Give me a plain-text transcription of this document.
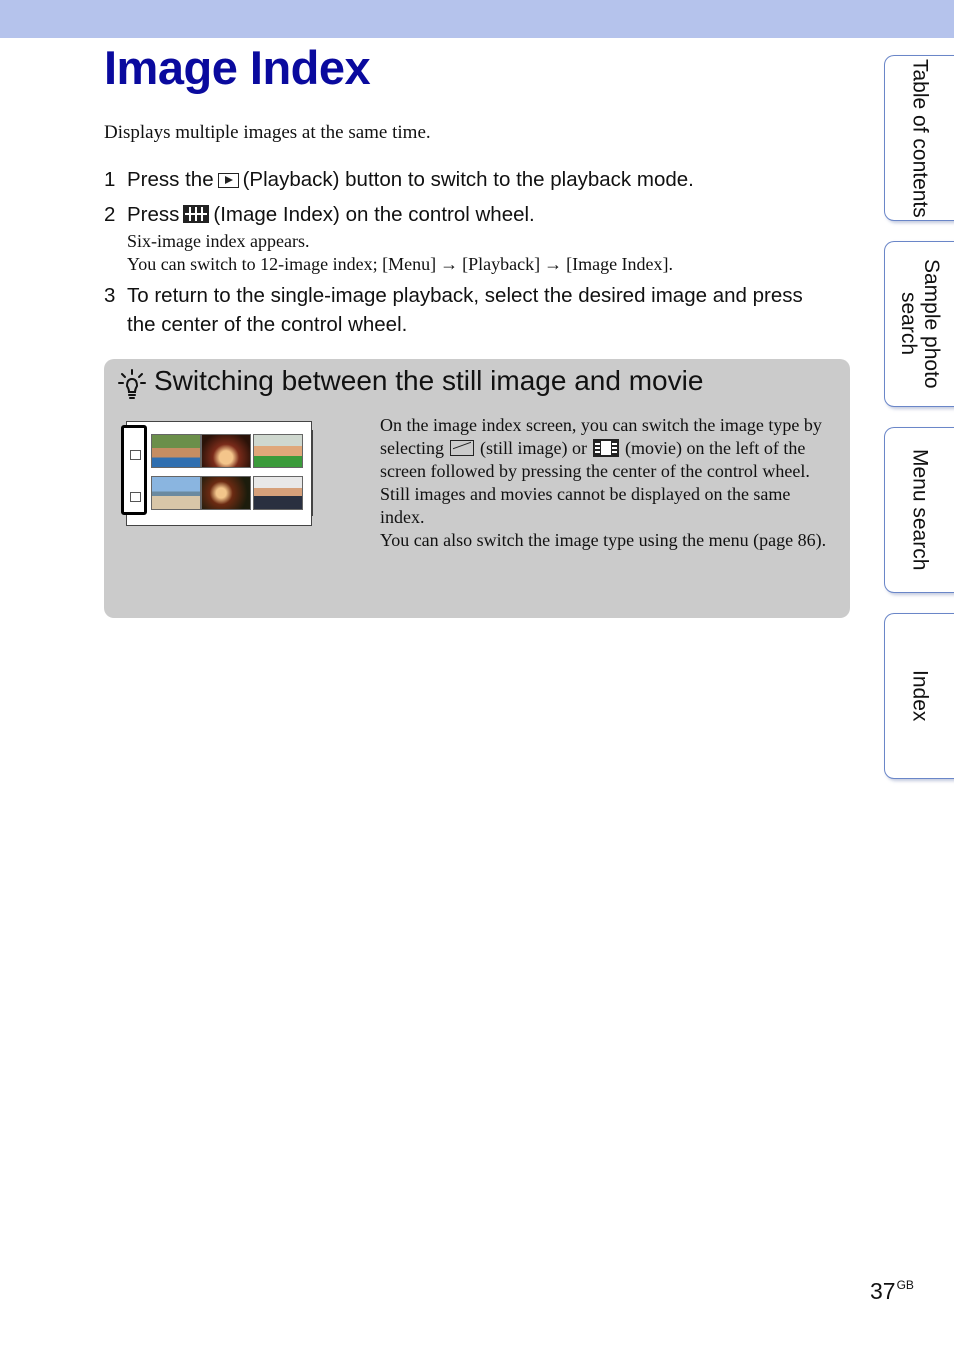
Image Index
Displays multiple images at the same time.
1 Press the (Playback) button to switch to the playback mode.
2 Press (Image Index) on the control wheel.
Six-image index appears.
You can switch to 12-image index; [Menu] → [Playback] → [Image Index].
3 To return to the single-image playback, select the desired image and press the center of the control wheel.
Switching between the still image and movie

On the image index screen, you can switch the image type by selecting (still image) or (movie) on the left of the screen followed by pressing the center of the control wheel.

Still images and movies cannot be displayed on the same index.

You can also switch the image type using the menu (page 86).

Table of contents
Sample photo search
Menu search
Index
$37^{GB}$
